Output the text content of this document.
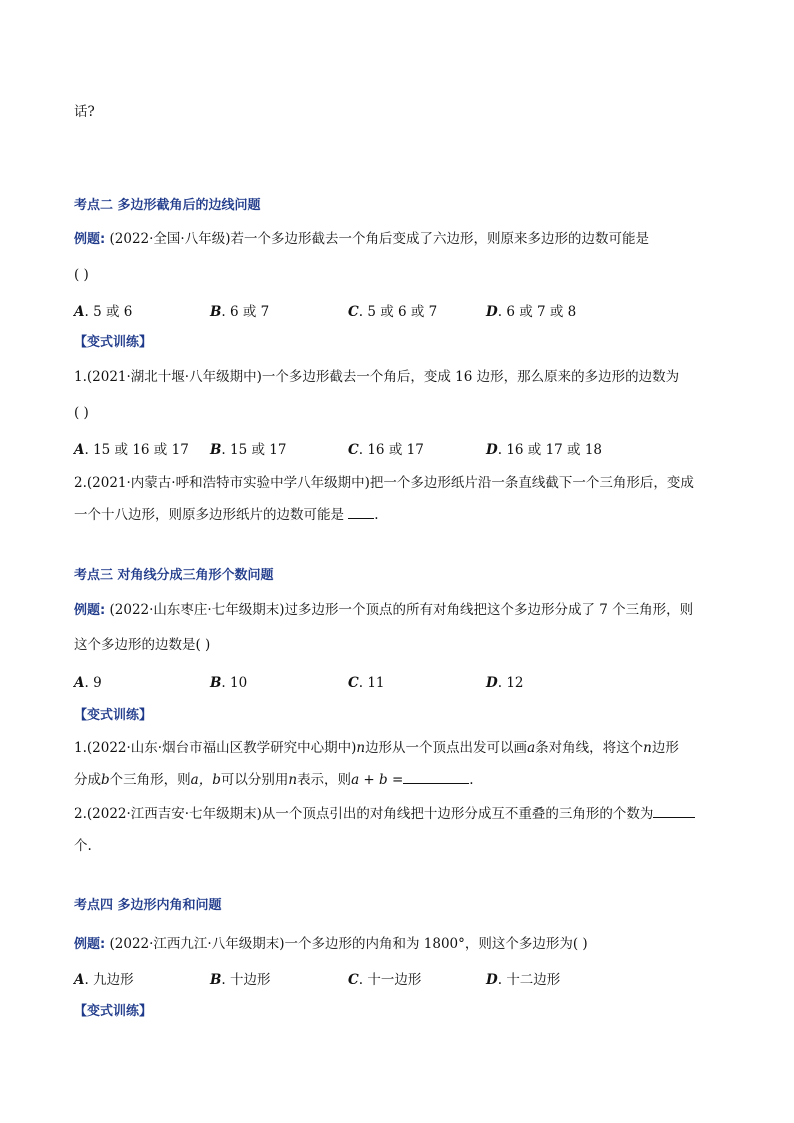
话?
考点二 多边形截角后的边线问题
例题: (2022·全国·八年级)若一个多边形截去一个角后变成了六边形，则原来多边形的边数可能是
( )
A. 5 或 6	B. 6 或 7	C. 5 或 6 或 7	D. 6 或 7 或 8
【变式训练】
1.(2021·湖北十堰·八年级期中)一个多边形截去一个角后，变成 16 边形，那么原来的多边形的边数为
( )
A. 15 或 16 或 17 B. 15 或 17	C. 16 或 17	D. 16 或 17 或 18
2.(2021·内蒙古·呼和浩特市实验中学八年级期中)把一个多边形纸片沿一条直线截下一个三角形后，变成
一个十八边形，则原多边形纸片的边数可能是 .
考点三 对角线分成三角形个数问题
例题: (2022·山东枣庄·七年级期末)过多边形一个顶点的所有对角线把这个多边形分成了 7 个三角形，则
这个多边形的边数是( )
A. 9	B. 10	C. 11	D. 12
【变式训练】
1.(2022·山东·烟台市福山区教学研究中心期中)n边形从一个顶点出发可以画a条对角线，将这个n边形
分成b个三角形，则a，b可以分别用n表示，则a + b =	.
2.(2022·江西吉安·七年级期末)从一个顶点引出的对角线把十边形分成互不重叠的三角形的个数为
个.
考点四 多边形内角和问题
例题: (2022·江西九江·八年级期末)一个多边形的内角和为 1800°，则这个多边形为( )
A. 九边形	B. 十边形	C. 十一边形	D. 十二边形
【变式训练】
